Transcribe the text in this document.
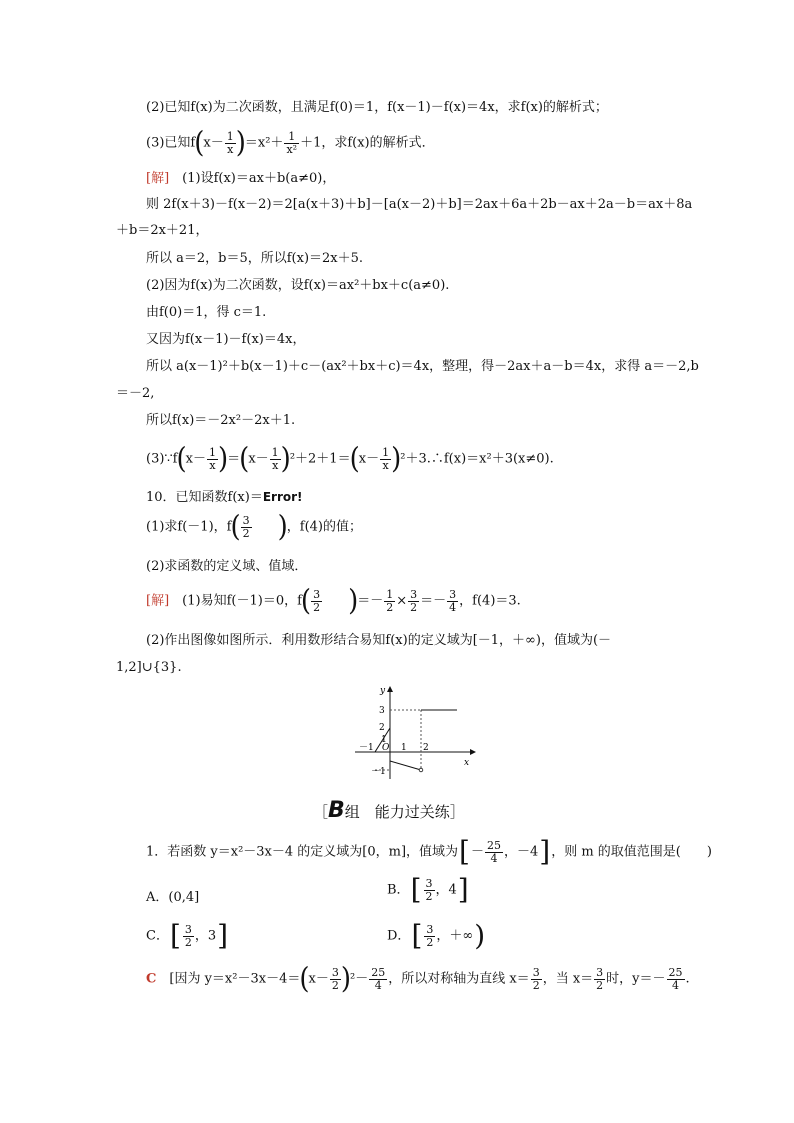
(2)已知f(x)为二次函数，且满足f(0)＝1，f(x－1)－f(x)＝4x，求f(x)的解析式；
(3)已知$f(x- \frac{1}{x} )=x^2+ \frac{1}{\text{x²}} +1$，求f(x)的解析式．
[解]　 (1)设f(x)＝ax＋b(a≠0)，
则 2f(x＋3)－f(x－2)＝2[a(x＋3)＋b]－[a(x－2)＋b]＝2ax＋6a＋2b－ax＋2a－b＝ax＋8a
＋b＝2x＋21，
所以 a＝2，b＝5，所以f(x)＝2x＋5.
(2)因为f(x)为二次函数，设f(x)＝ax²＋bx＋c(a≠0).
由f(0)＝1，得 c＝1.
又因为f(x－1)－f(x)＝4x，
所以 a(x－1)²＋b(x－1)＋c－(ax²＋bx＋c)＝4x，整理，得－2ax＋a－b＝4x，求得 a＝－2,b
＝－2,
所以f(x)＝－2x²－2x＋1.
(3)∵f(x－ $\frac{1}{x} )=(x- \frac{1}{x} )^2+2+1=(x- \frac{1}{x}$ )²＋3.∴f(x)＝x²＋3(x≠0).
10．已知函数f(x)＝Error!
(1)求f(－1)，$f( \frac{3}{2}$
　　 )，f(4)的值；
(2)求函数的定义域、值域．
[解]　 (1)易知f(－1)＝0，$f( \frac{3}{2}$
　　 )＝－ $\frac{1}{2} \times \frac{3}{2} =- \frac{3}{4}$ ，f(4)＝3.
(2)作出图像如图所示．利用数形结合易知f(x)的定义域为[－1，＋∞)，值域为(－
1,2]∪{3}.
y
x
3
2
1
－1
－1 O 1 2
［B组　能力过关练］
1．若函数 y＝x²－3x－4 的定义域为[0，m]，值域为[－ $\frac{25}{4}$ ，－4]，则 m 的取值范围是(　　)
A．(0,4]	B．[ $\frac{3}{2}$ ，4]
C．[ $\frac{3}{2}$ ，3]	D．[ $\frac{3}{2}$ ，＋∞)
C　 [因为 $y=x^2-3x-4=(x- \frac{3}{2} )^2- \frac{25}{4}$ ，所以对称轴为直线 $x= \frac{3}{2}$ ，当 $x= \frac{3}{2}$ 时，$y=- \frac{25}{4}$ .
